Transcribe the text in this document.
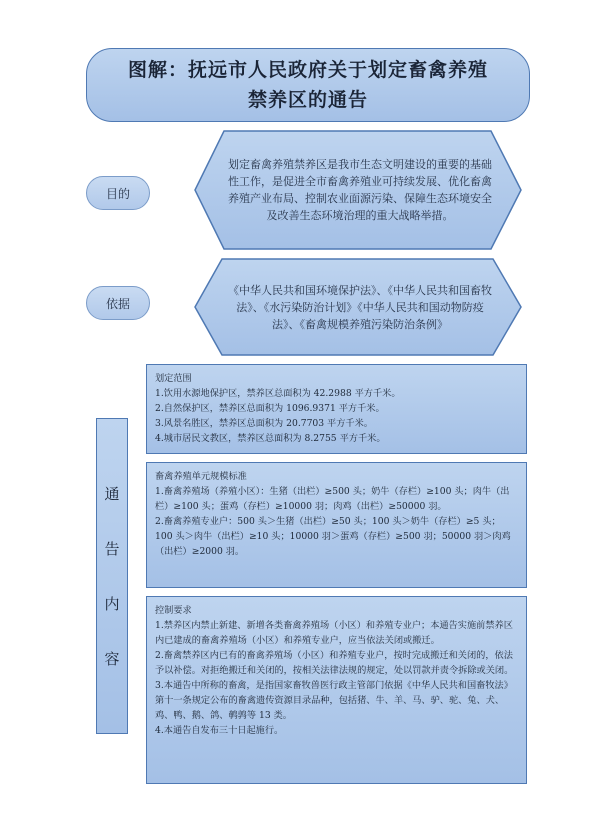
图解：抚远市人民政府关于划定畜禽养殖禁养区的通告
目的
划定畜禽养殖禁养区是我市生态文明建设的重要的基础性工作，是促进全市畜禽养殖业可持续发展、优化畜禽养殖产业布局、控制农业面源污染、保障生态环境安全及改善生态环境治理的重大战略举措。
依据
《中华人民共和国环境保护法》、《中华人民共和国畜牧法》、《水污染防治计划》《中华人民共和国动物防疫法》、《畜禽规模养殖污染防治条例》
通
告
内
容
划定范围
1.饮用水源地保护区，禁养区总面积为 42.2988 平方千米。
2.自然保护区，禁养区总面积为 1096.9371 平方千米。
3.风景名胜区，禁养区总面积为 20.7703 平方千米。
4.城市居民文教区，禁养区总面积为 8.2755 平方千米。
畜禽养殖单元规模标准
1.畜禽养殖场（养殖小区）：生猪（出栏）≥500 头；奶牛（存栏）≥100 头；肉牛（出栏）≥100 头；蛋鸡（存栏）≥10000 羽；肉鸡（出栏）≥50000 羽。
2.畜禽养殖专业户：500 头＞生猪（出栏）≥50 头；100 头＞奶牛（存栏）≥5 头；100 头＞肉牛（出栏）≥10 头；10000 羽＞蛋鸡（存栏）≥500 羽；50000 羽＞肉鸡（出栏）≥2000 羽。
控制要求
1.禁养区内禁止新建、新增各类畜禽养殖场（小区）和养殖专业户；本通告实施前禁养区内已建成的畜禽养殖场（小区）和养殖专业户，应当依法关闭或搬迁。
2.畜禽禁养区内已有的畜禽养殖场（小区）和养殖专业户，按时完成搬迁和关闭的，依法予以补偿。对拒绝搬迁和关闭的，按相关法律法规的规定，处以罚款并责令拆除或关闭。
3.本通告中所称的畜禽，是指国家畜牧兽医行政主管部门依据《中华人民共和国畜牧法》第十一条规定公布的畜禽遗传资源目录品种，包括猪、牛、羊、马、驴、驼、兔、犬、鸡、鸭、鹅、鸽、鹌鹑等 13 类。
4.本通告自发布三十日起施行。
